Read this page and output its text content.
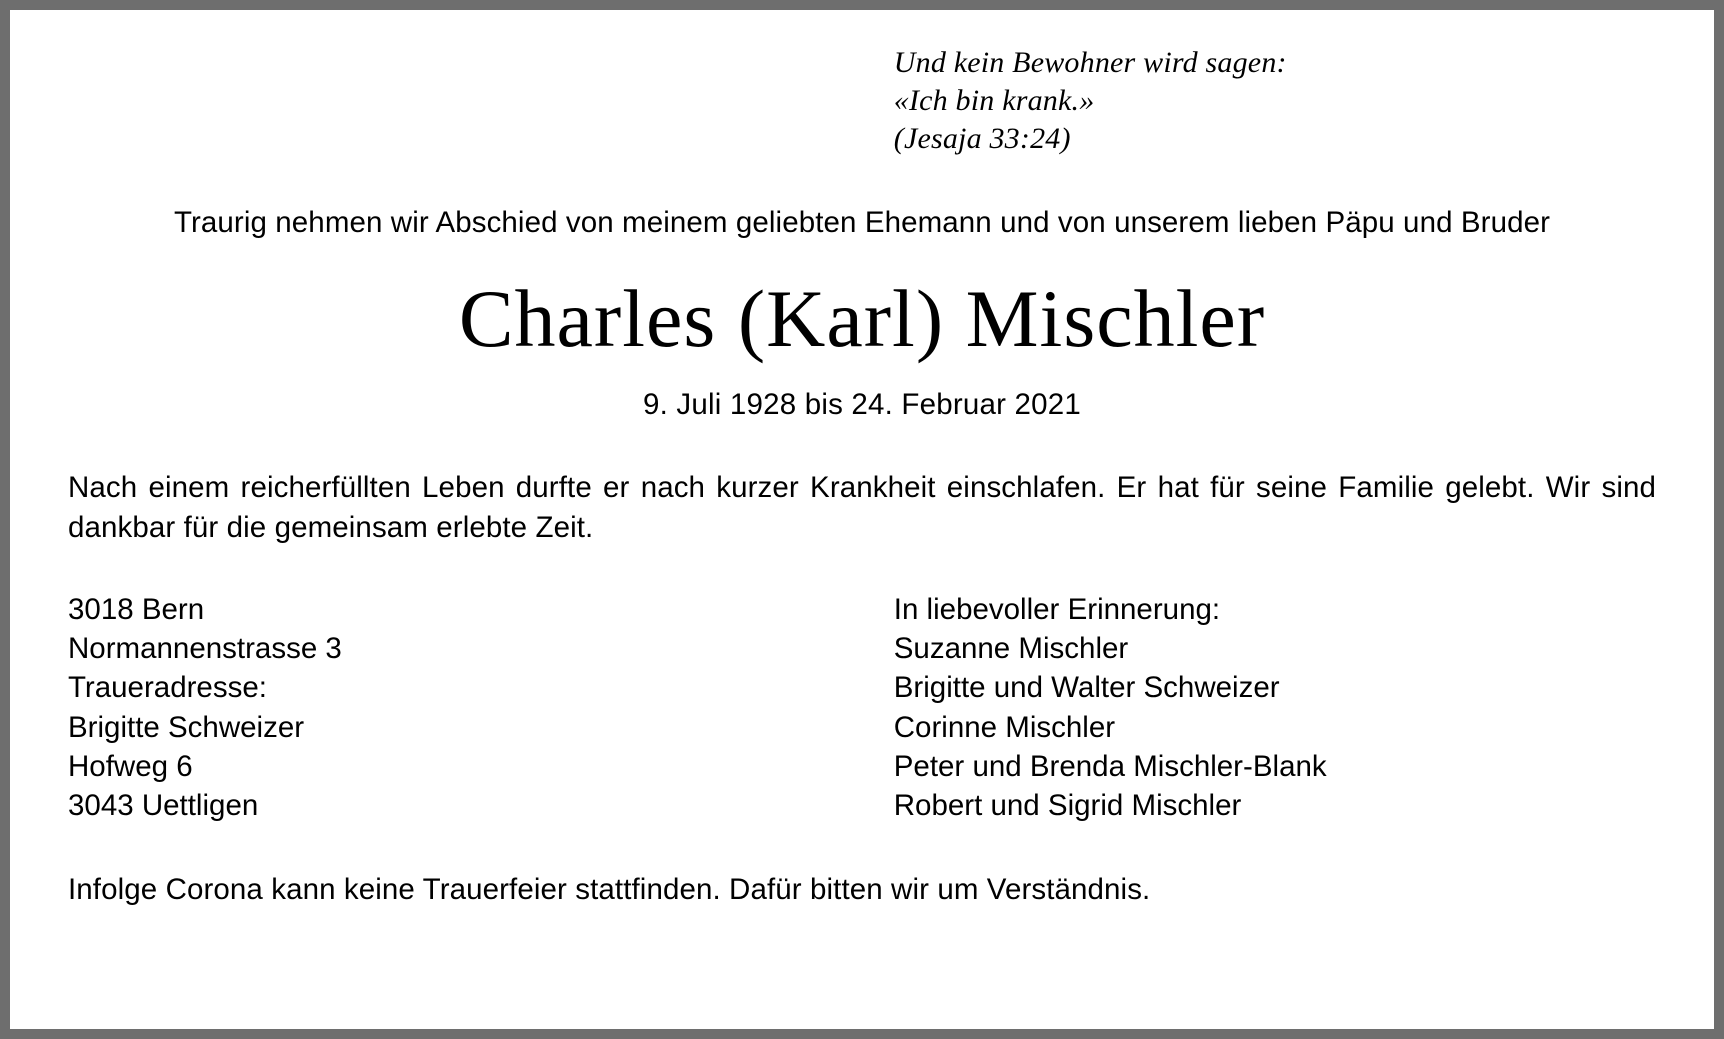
Und kein Bewohner wird sagen:
«Ich bin krank.»
(Jesaja 33:24)
Traurig nehmen wir Abschied von meinem geliebten Ehemann und von unserem lieben Päpu und Bruder
Charles (Karl) Mischler
9. Juli 1928 bis 24. Februar 2021
Nach einem reicherfüllten Leben durfte er nach kurzer Krankheit einschlafen. Er hat für seine Familie gelebt. Wir sind dankbar für die gemeinsam erlebte Zeit.
3018 Bern
Normannenstrasse 3
Traueradresse:
Brigitte Schweizer
Hofweg 6
3043 Uettligen
In liebevoller Erinnerung:
Suzanne Mischler
Brigitte und Walter Schweizer
Corinne Mischler
Peter und Brenda Mischler-Blank
Robert und Sigrid Mischler
Infolge Corona kann keine Trauerfeier stattfinden. Dafür bitten wir um Verständnis.
